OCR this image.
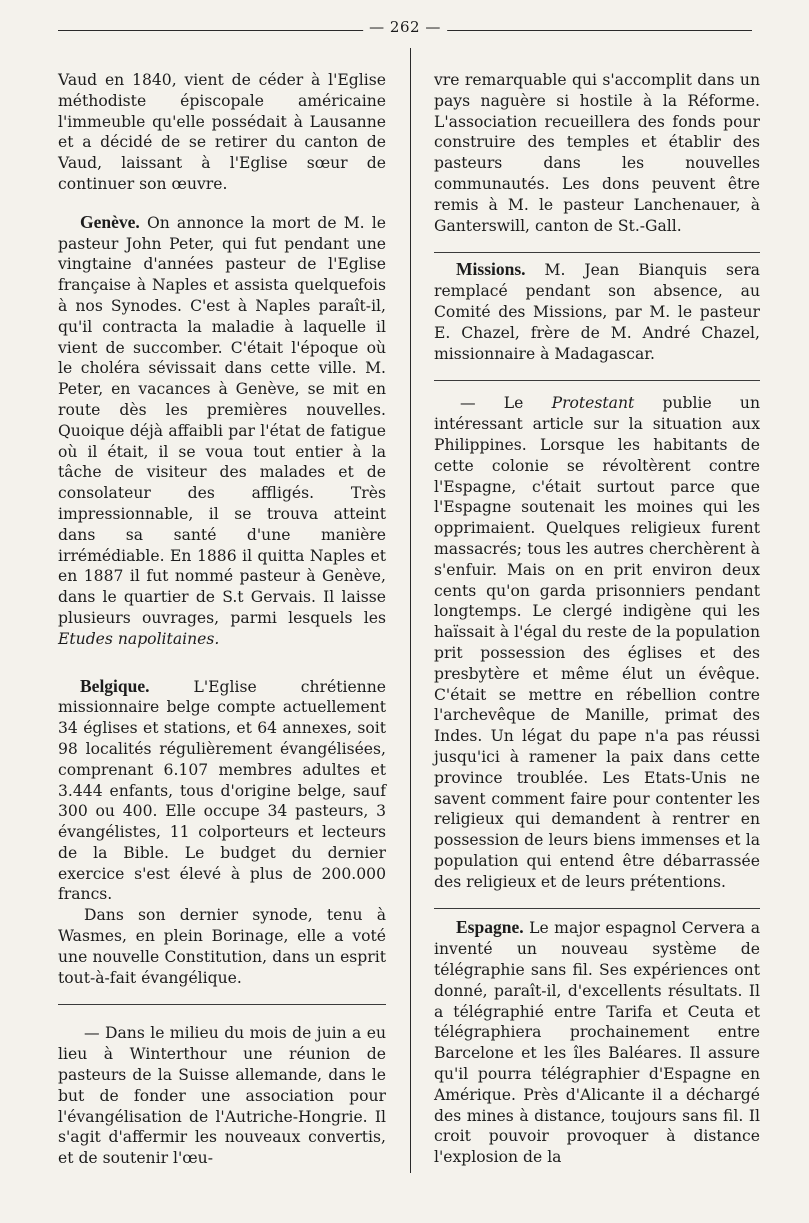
— 262 —

Vaud en 1840, vient de céder à l'Eglise méthodiste épiscopale américaine l'immeuble qu'elle possédait à Lausanne et a décidé de se retirer du canton de Vaud, laissant à l'Eglise sœur de continuer son œuvre.

Genève. On annonce la mort de M. le pasteur John Peter, qui fut pendant une vingtaine d'années pasteur de l'Eglise française à Naples et assista quelquefois à nos Synodes. C'est à Naples paraît-il, qu'il contracta la maladie à laquelle il vient de succomber. C'était l'époque où le choléra sévissait dans cette ville. M. Peter, en vacances à Genève, se mit en route dès les premières nouvelles. Quoique déjà affaibli par l'état de fatigue où il était, il se voua tout entier à la tâche de visiteur des malades et de consolateur des affligés. Très impressionnable, il se trouva atteint dans sa santé d'une manière irrémédiable. En 1886 il quitta Naples et en 1887 il fut nommé pasteur à Genève, dans le quartier de S.t Gervais. Il laisse plusieurs ouvrages, parmi lesquels les Etudes napolitaines.

Belgique.	L'Eglise chrétienne missionnaire belge compte actuellement 34 églises et stations, et 64 annexes, soit 98 localités régulièrement évangélisées, comprenant 6.107 membres adultes et 3.444 enfants, tous d'origine belge, sauf 300 ou 400. Elle occupe 34 pasteurs, 3 évangélistes, 11 colporteurs et lecteurs de la Bible. Le budget du dernier exercice s'est élevé à plus de 200.000 francs.

Dans son dernier synode, tenu à Wasmes, en plein Borinage, elle a voté une nouvelle Constitution, dans un esprit tout-à-fait évangélique.

— Dans le milieu du mois de juin a eu lieu à Winterthour une réunion de pasteurs de la Suisse allemande, dans le but de fonder une association pour l'évangélisation de l'Autriche-Hongrie. Il s'agit d'affermir les nouveaux convertis, et de soutenir l'œu-

vre remarquable qui s'accomplit dans un pays naguère si hostile à la Réforme. L'association recueillera des fonds pour construire des temples et établir des pasteurs dans les nouvelles communautés. Les dons peuvent être remis à M. le pasteur Lanchenauer, à Ganterswill, canton de St.-Gall.

Missions. M. Jean Bianquis sera remplacé pendant son absence, au Comité des Missions, par M. le pasteur E. Chazel, frère de M. André Chazel, missionnaire à Madagascar.

— Le Protestant publie un intéressant article sur la situation aux Philippines. Lorsque les habitants de cette colonie se révoltèrent contre l'Espagne, c'était surtout parce que l'Espagne soutenait les moines qui les opprimaient. Quelques religieux furent massacrés; tous les autres cherchèrent à s'enfuir. Mais on en prit environ deux cents qu'on garda prisonniers pendant longtemps. Le clergé indigène qui les haïssait à l'égal du reste de la population prit possession des églises et des presbytère et même élut un évêque. C'était se mettre en rébellion contre l'archevêque de Manille, primat des Indes. Un légat du pape n'a pas réussi jusqu'ici à ramener la paix dans cette province troublée. Les Etats-Unis ne savent comment faire pour contenter les religieux qui demandent à rentrer en possession de leurs biens immenses et la population qui entend être débarrassée des religieux et de leurs prétentions.

Espagne. Le major espagnol Cervera a inventé un nouveau système de télégraphie sans fil. Ses expériences ont donné, paraît-il, d'excellents résultats. Il a télégraphié entre Tarifa et Ceuta et télégraphiera prochainement entre Barcelone et les îles Baléares. Il assure qu'il pourra télégraphier d'Espagne en Amérique. Près d'Alicante il a déchargé des mines à distance, toujours sans fil. Il croit pouvoir provoquer à distance l'explosion de la
